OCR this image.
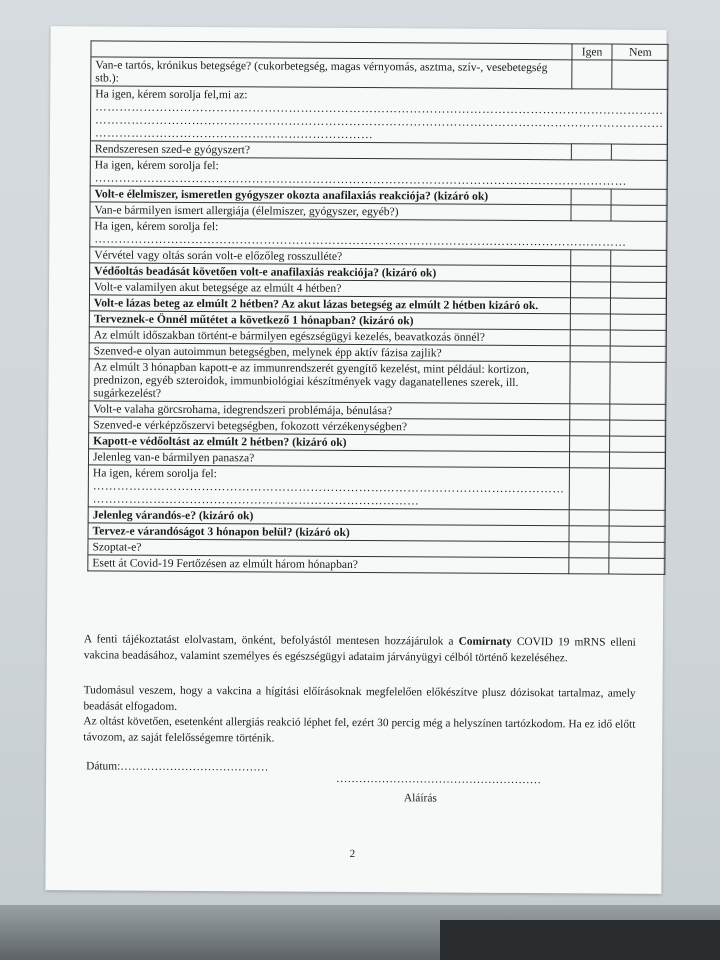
	Igen	Nem
Van-e tartós, krónikus betegsége? (cukorbetegség, magas vérnyomás, asztma, szív-, vesebetegség stb.):		
Ha igen, kérem sorolja fel,mi az:
……………………………………………………………………………………………………………………………
……………………………………………………………………………………………………………………………
……………………………………………………………		

Rendszeresen szed-e gyógyszert?		
Ha igen, kérem sorolja fel:
……………………………………………………………………………………………………………………		

Volt-e élelmiszer, ismeretlen gyógyszer okozta anafilaxiás reakciója? (kizáró ok)		
Van-e bármilyen ismert allergiája (élelmiszer, gyógyszer, egyéb?)		
Ha igen, kérem sorolja fel:
……………………………………………………………………………………………………………………		

Vérvétel vagy oltás során volt-e előzőleg rosszulléte?		
Védőoltás beadását követően volt-e anafilaxiás reakciója? (kizáró ok)		
Volt-e valamilyen akut betegsége az elmúlt 4 hétben?		
Volt-e lázas beteg az elmúlt 2 hétben? Az akut lázas betegség az elmúlt 2 hétben kizáró ok.		
Terveznek-e Önnél műtétet a következő 1 hónapban? (kizáró ok)		
Az elmúlt időszakban történt-e bármilyen egészségügyi kezelés, beavatkozás önnél?		
Szenved-e olyan autoimmun betegségben, melynek épp aktív fázisa zajlik?		
Az elmúlt 3 hónapban kapott-e az immunrendszerét gyengítő kezelést, mint például: kortizon, prednizon, egyéb szteroidok, immunbiológiai készítmények vagy daganatellenes szerek, ill. sugárkezelést?		
Volt-e valaha görcsrohama, idegrendszeri problémája, bénulása?		
Szenved-e vérképzőszervi betegségben, fokozott vérzékenységben?		
Kapott-e védőoltást az elmúlt 2 hétben? (kizáró ok)		
Jelenleg van-e bármilyen panasza?		
Ha igen, kérem sorolja fel:
………………………………………………………………………………………………………
………………………………………………………………………		

Jelenleg várandós-e? (kizáró ok)		
Tervez-e várandóságot 3 hónapon belül? (kizáró ok)		
Szoptat-e?		
Esett át Covid-19 Fertőzésen az elmúlt három hónapban?		
A fenti tájékoztatást elolvastam, önként, befolyástól mentesen hozzájárulok a Comirnaty COVID 19 mRNS elleni vakcina beadásához, valamint személyes és egészségügyi adataim járványügyi célból történő kezeléséhez.
Tudomásul veszem, hogy a vakcina a hígítási előírásoknak megfelelően előkészítve plusz dózisokat tartalmaz, amely beadását elfogadom.
Az oltást követően, esetenként allergiás reakció léphet fel, ezért 30 percig még a helyszínen tartózkodom. Ha ez idő előtt távozom, az saját felelősségemre történik.
Dátum:…………………………………
………………………………………………
Aláírás
2
